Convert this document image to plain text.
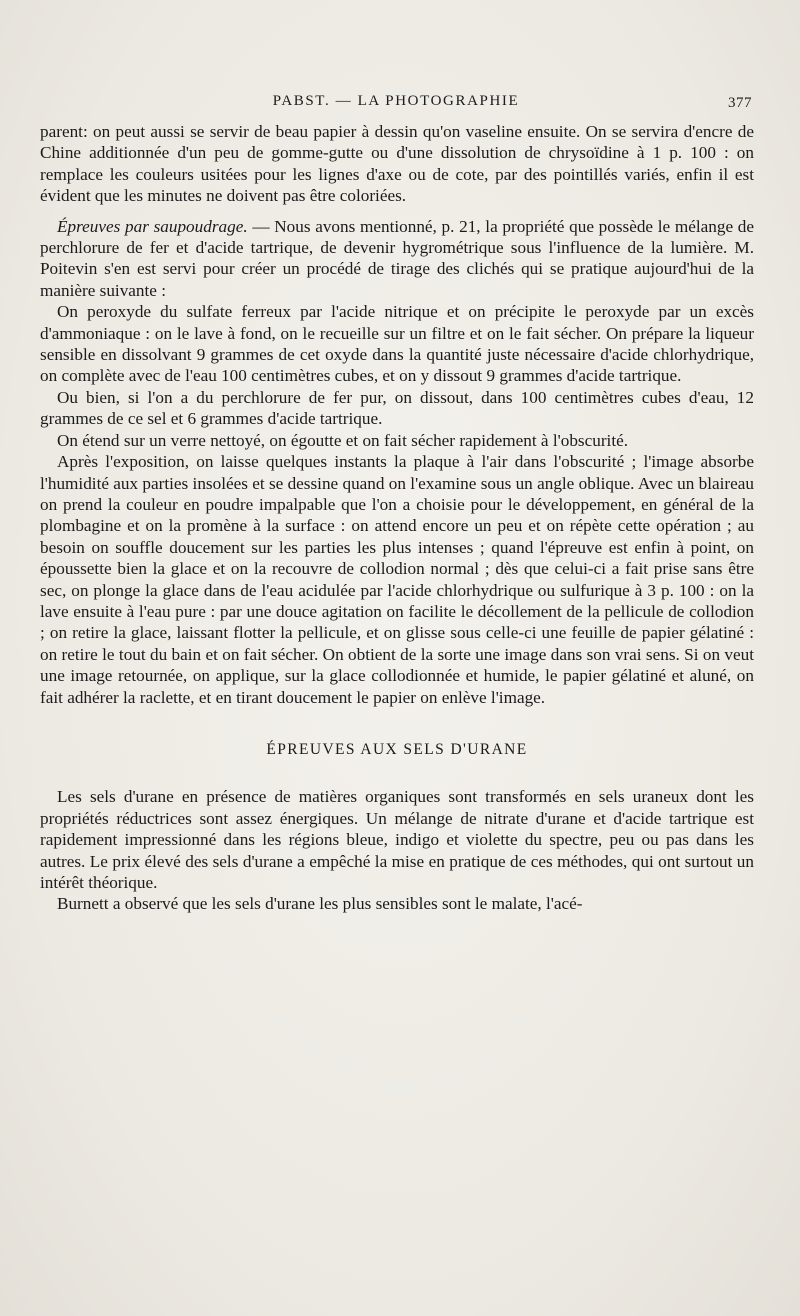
PABST. — LA PHOTOGRAPHIE	377

parent: on peut aussi se servir de beau papier à dessin qu'on vaseline ensuite. On se servira d'encre de Chine additionnée d'un peu de gomme-gutte ou d'une dissolution de chrysoïdine à 1 p. 100 : on remplace les couleurs usitées pour les lignes d'axe ou de cote, par des pointillés variés, enfin il est évident que les minutes ne doivent pas être coloriées.

Épreuves par saupoudrage. — Nous avons mentionné, p. 21, la propriété que possède le mélange de perchlorure de fer et d'acide tartrique, de devenir hygrométrique sous l'influence de la lumière. M. Poitevin s'en est servi pour créer un procédé de tirage des clichés qui se pratique aujourd'hui de la manière suivante :

On peroxyde du sulfate ferreux par l'acide nitrique et on précipite le peroxyde par un excès d'ammoniaque : on le lave à fond, on le recueille sur un filtre et on le fait sécher. On prépare la liqueur sensible en dissolvant 9 grammes de cet oxyde dans la quantité juste nécessaire d'acide chlorhydrique, on complète avec de l'eau 100 centimètres cubes, et on y dissout 9 grammes d'acide tartrique.

Ou bien, si l'on a du perchlorure de fer pur, on dissout, dans 100 centimètres cubes d'eau, 12 grammes de ce sel et 6 grammes d'acide tartrique.

On étend sur un verre nettoyé, on égoutte et on fait sécher rapidement à l'obscurité.

Après l'exposition, on laisse quelques instants la plaque à l'air dans l'obscurité ; l'image absorbe l'humidité aux parties insolées et se dessine quand on l'examine sous un angle oblique. Avec un blaireau on prend la couleur en poudre impalpable que l'on a choisie pour le développement, en général de la plombagine et on la promène à la surface : on attend encore un peu et on répète cette opération ; au besoin on souffle doucement sur les parties les plus intenses ; quand l'épreuve est enfin à point, on époussette bien la glace et on la recouvre de collodion normal ; dès que celui-ci a fait prise sans être sec, on plonge la glace dans de l'eau acidulée par l'acide chlorhydrique ou sulfurique à 3 p. 100 : on la lave ensuite à l'eau pure : par une douce agitation on facilite le décollement de la pellicule de collodion ; on retire la glace, laissant flotter la pellicule, et on glisse sous celle-ci une feuille de papier gélatiné : on retire le tout du bain et on fait sécher. On obtient de la sorte une image dans son vrai sens. Si on veut une image retournée, on applique, sur la glace collodionnée et humide, le papier gélatiné et aluné, on fait adhérer la raclette, et en tirant doucement le papier on enlève l'image.

ÉPREUVES AUX SELS D'URANE

Les sels d'urane en présence de matières organiques sont transformés en sels uraneux dont les propriétés réductrices sont assez énergiques. Un mélange de nitrate d'urane et d'acide tartrique est rapidement impressionné dans les régions bleue, indigo et violette du spectre, peu ou pas dans les autres. Le prix élevé des sels d'urane a empêché la mise en pratique de ces méthodes, qui ont surtout un intérêt théorique.

Burnett a observé que les sels d'urane les plus sensibles sont le malate, l'acé-
